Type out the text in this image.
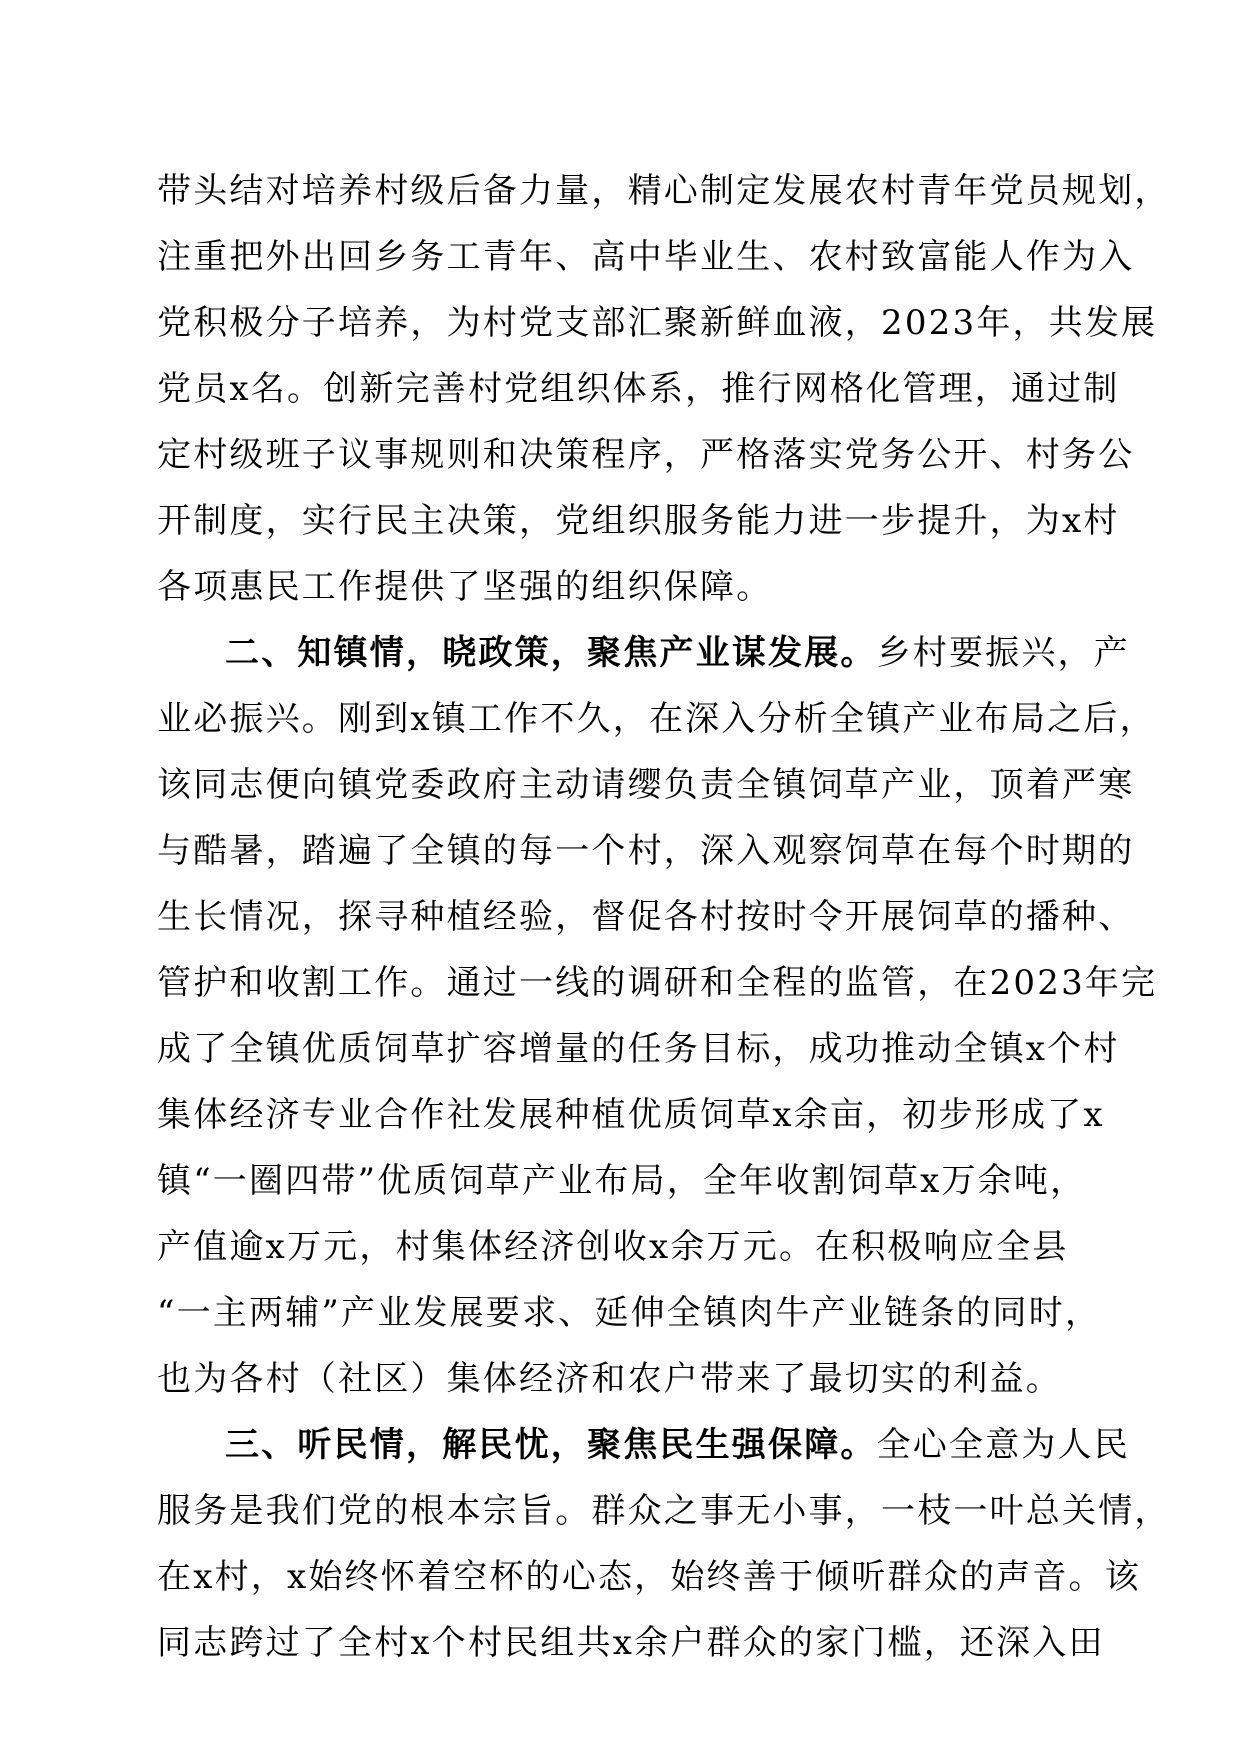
带头结对培养村级后备力量，精心制定发展农村青年党员规划，
注重把外出回乡务工青年、高中毕业生、农村致富能人作为入
党积极分子培养，为村党支部汇聚新鲜血液，2023年，共发展
党员x名。创新完善村党组织体系，推行网格化管理，通过制
定村级班子议事规则和决策程序，严格落实党务公开、村务公
开制度，实行民主决策，党组织服务能力进一步提升，为x村
各项惠民工作提供了坚强的组织保障。
二、知镇情，晓政策，聚焦产业谋发展。乡村要振兴，产
业必振兴。刚到x镇工作不久，在深入分析全镇产业布局之后，
该同志便向镇党委政府主动请缨负责全镇饲草产业，顶着严寒
与酷暑，踏遍了全镇的每一个村，深入观察饲草在每个时期的
生长情况，探寻种植经验，督促各村按时令开展饲草的播种、
管护和收割工作。通过一线的调研和全程的监管，在2023年完
成了全镇优质饲草扩容增量的任务目标，成功推动全镇x个村
集体经济专业合作社发展种植优质饲草x余亩，初步形成了x
镇“一圈四带”优质饲草产业布局，全年收割饲草x万余吨，
产值逾x万元，村集体经济创收x余万元。在积极响应全县
“一主两辅”产业发展要求、延伸全镇肉牛产业链条的同时，
也为各村（社区）集体经济和农户带来了最切实的利益。
三、听民情，解民忧，聚焦民生强保障。全心全意为人民
服务是我们党的根本宗旨。群众之事无小事，一枝一叶总关情，
在x村，x始终怀着空杯的心态，始终善于倾听群众的声音。该
同志跨过了全村x个村民组共x余户群众的家门槛，还深入田
